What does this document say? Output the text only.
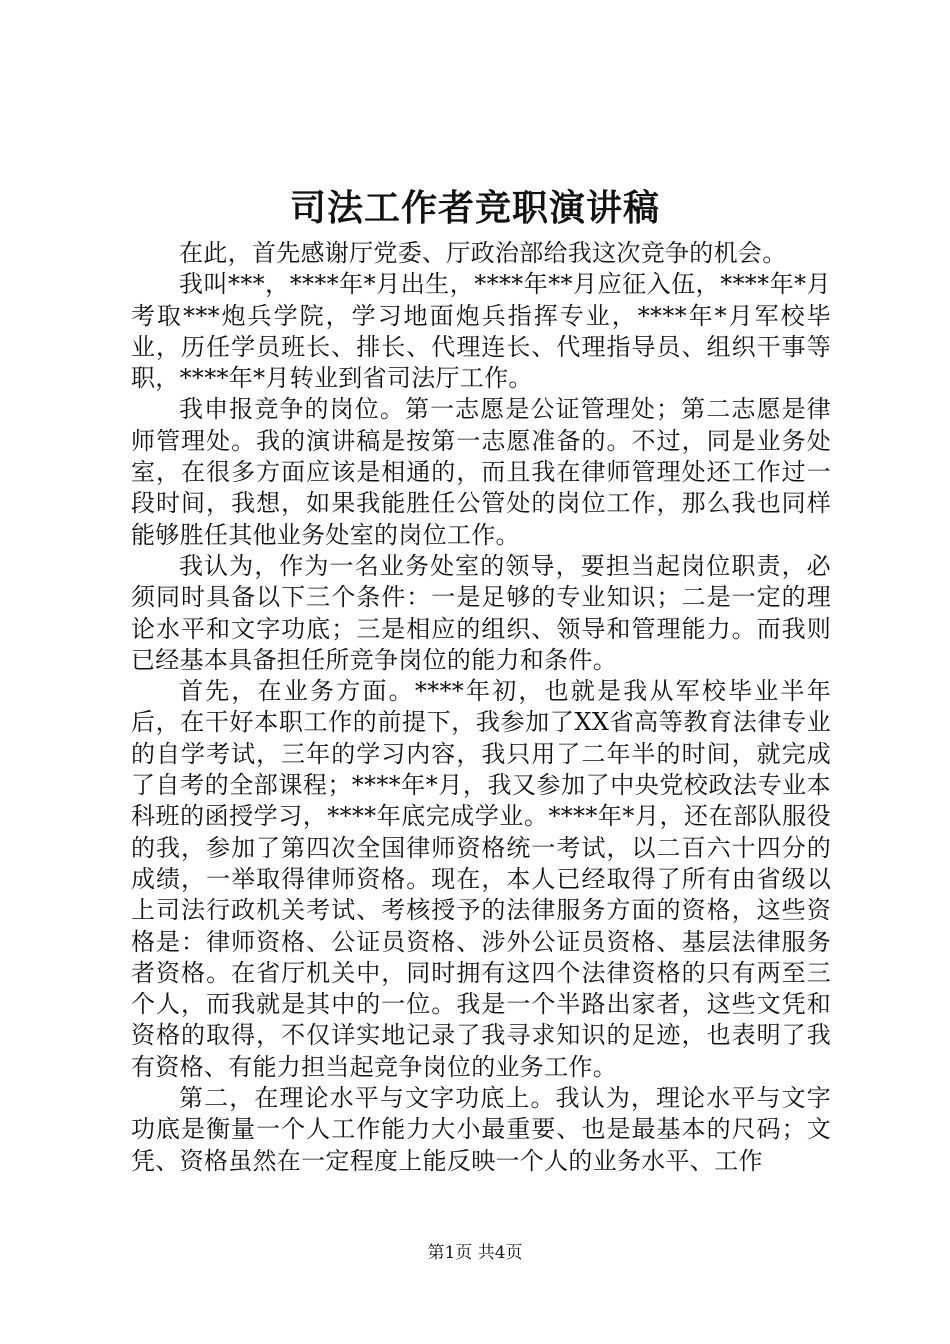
司法工作者竞职演讲稿

在此，首先感谢厅党委、厅政治部给我这次竞争的机会。

我叫***，****年*月出生，****年**月应征入伍，****年*月考取***炮兵学院，学习地面炮兵指挥专业，****年*月军校毕业，历任学员班长、排长、代理连长、代理指导员、组织干事等职，****年*月转业到省司法厅工作。

我申报竞争的岗位。第一志愿是公证管理处；第二志愿是律师管理处。我的演讲稿是按第一志愿准备的。不过，同是业务处室，在很多方面应该是相通的，而且我在律师管理处还工作过一段时间，我想，如果我能胜任公管处的岗位工作，那么我也同样能够胜任其他业务处室的岗位工作。

我认为，作为一名业务处室的领导，要担当起岗位职责，必须同时具备以下三个条件：一是足够的专业知识；二是一定的理论水平和文字功底；三是相应的组织、领导和管理能力。而我则已经基本具备担任所竞争岗位的能力和条件。

首先，在业务方面。****年初，也就是我从军校毕业半年后，在干好本职工作的前提下，我参加了XX省高等教育法律专业的自学考试，三年的学习内容，我只用了二年半的时间，就完成了自考的全部课程；****年*月，我又参加了中央党校政法专业本科班的函授学习，****年底完成学业。****年*月，还在部队服役的我，参加了第四次全国律师资格统一考试，以二百六十四分的成绩，一举取得律师资格。现在，本人已经取得了所有由省级以上司法行政机关考试、考核授予的法律服务方面的资格，这些资格是：律师资格、公证员资格、涉外公证员资格、基层法律服务者资格。在省厅机关中，同时拥有这四个法律资格的只有两至三个人，而我就是其中的一位。我是一个半路出家者，这些文凭和资格的取得，不仅详实地记录了我寻求知识的足迹，也表明了我有资格、有能力担当起竞争岗位的业务工作。

第二，在理论水平与文字功底上。我认为，理论水平与文字功底是衡量一个人工作能力大小最重要、也是最基本的尺码；文凭、资格虽然在一定程度上能反映一个人的业务水平、工作

第1页 共4页
